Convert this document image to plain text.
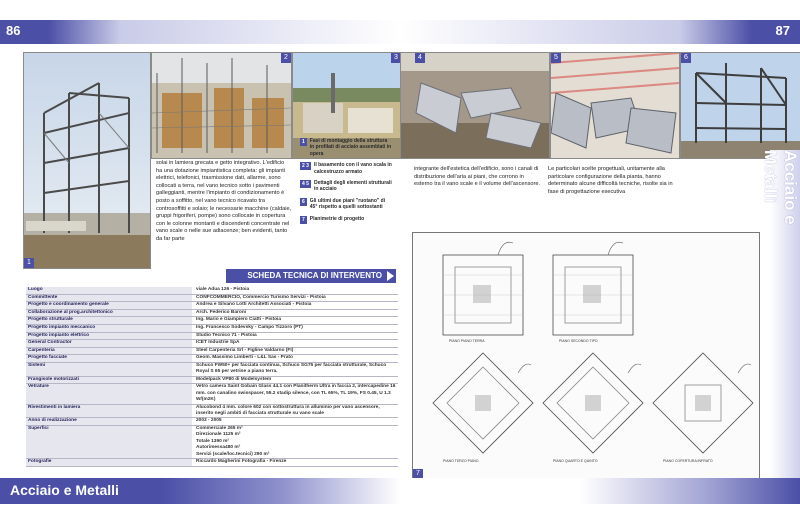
86
1
2	3
solai in lamiera grecata e getto integrativo. L'edificio ha una dotazione impiantistica completa: gli impianti elettrici, telefonici, trasmissione dati, allarme, sono collocati a terra, nel vano tecnico sotto i pavimenti galleggianti, mentre l'impianto di condizionamento è posto a soffitto, nel vano tecnico ricavato tra controsoffitti e solaio; le necessarie macchine (caldaie, gruppi frigoriferi, pompe) sono collocate in copertura con le colonne montanti e discendenti concentrate nel vano scale o nelle sue adiacenze; ben evidenti, tanto da far parte
1	Fasi di montaggio della struttura in profilati di acciaio assemblati in opera
2 3	Il basamento con il vano scala in calcestruzzo armato
4 5	Dettagli degli elementi strutturali in acciaio
6	Gli ultimi due piani "ruotano" di 45° rispetto a quelli sottostanti
7	Planimetrie di progetto
SCHEDA TECNICA DI INTERVENTO
Luogo	viale Adua 126 - Pistoia
Committente	CONFCOMMERCIO, Commercio Turismo Servizi - Pistoia
Progetto e coordinamento generale	Andrea e Silvano Lotti Architetti Associati - Pistoia
Collaborazione al prog.architettonico	Arch. Federico Baroni
Progetto strutturale	Ing. Mario e Giampiero Ciatti - Pistoia
Progetto impianto meccanico	Ing. Francesco Sodevsky - Campo Tizzoro (PT)
Progetto impianto elettrico	Studio Tecnico 71 - Pistoia
General Contractor	ICET Industrie SpA
Carpenteria	Steel Carpenteria Srl - Figline Valdarno (FI)
Progetto facciate	Geom. Massimo Limberti - L&L Sas - Prato
Sistemi	Schuco FW50+ per facciata continua, Schuco SG75 per facciata strutturale, Schuco Royal S 65 per vetrine a piano terra.
Frangisole motorizzati	Modelpack VP80 di Modelsystem
Vetrature	Vetro camera Saint Gobain Glass 44.1 con Planitherm Ultra in faccia 2, intercapedine 16 mm. con canalino swisspacer, 55.2 stadip silence, con TL 65%, TL 19%, FS 0.45, U 1.3 W/(m2K)
Rivestimenti in lamiera	Alucobond 4 mm. colore 602 con sottostruttura in alluminio per vano ascensore, inserito negli ambiti di facciata strutturale su vano scale
Anno di realizzazione	2003 - 2005
Superfici	Commerciale 265 m²
Direzionale 1125 m²
Totale 1390 m²
Autorimessa480 m²
Servizi (scale/loc.tecnici) 290 m²
Fotografie	Riccardo Magherini Fotografia - Firenze
Acciaio e Metalli
87
4	5	6
integrante dell'estetica dell'edificio, sono i canali di distribuzione dell'aria ai piani, che corrono in esterno tra il vano scale e il volume dell'ascensore.
Le particolari scelte progettuali, unitamente alla particolare configurazione della pianta, hanno determinato alcune difficoltà tecniche, risolte sia in fase di progettazione esecutiva	Acciaio e Metalli
PIANO PIANO TERRA	PIANO SECONDO TIPO
PIANO TERZO PIANO	PIANO QUARTO E QUINTO	PIANO COPERTURA INFRATO
7
